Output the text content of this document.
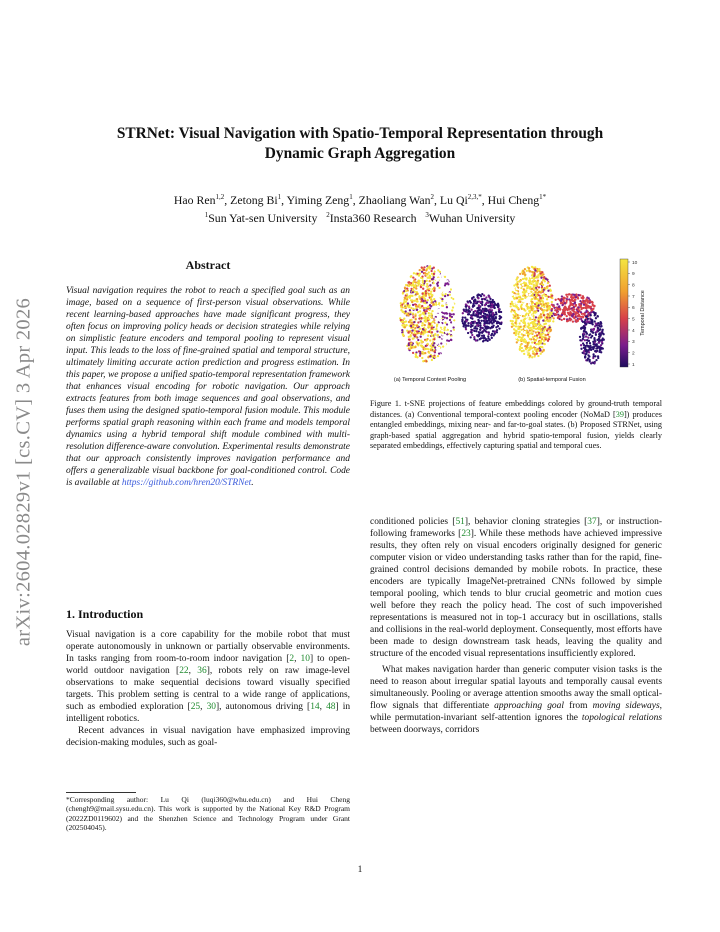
arXiv:2604.02829v1 [cs.CV] 3 Apr 2026
STRNet: Visual Navigation with Spatio-Temporal Representation through
Dynamic Graph Aggregation
Hao Ren$^{1,2}$, Zetong Bi$^1$, Yiming Zeng$^1$, Zhaoliang Wan$^2$, Lu $Qi^{2,3,*}$, Hui Cheng$^{1*}$
$^1$Sun Yat-sen University $^2$Insta360 Research $^3$Wuhan University
Abstract

Visual navigation requires the robot to reach a specified goal such as an image, based on a sequence of first-person visual observations. While recent learning-based approaches have made significant progress, they often focus on improving policy heads or decision strategies while relying on simplistic feature encoders and temporal pooling to represent visual input. This leads to the loss of fine-grained spatial and temporal structure, ultimately limiting accurate action prediction and progress estimation. In this paper, we propose a unified spatio-temporal representation framework that enhances visual encoding for robotic navigation. Our approach extracts features from both image sequences and goal observations, and fuses them using the designed spatio-temporal fusion module. This module performs spatial graph reasoning within each frame and models temporal dynamics using a hybrid temporal shift module combined with multi-resolution difference-aware convolution. Experimental results demonstrate that our approach consistently improves navigation performance and offers a generalizable visual backbone for goal-conditioned control. Code is available at https://github.com/hren20/STRNet.

1. Introduction

Visual navigation is a core capability for the mobile robot that must operate autonomously in unknown or partially observable environments. In tasks ranging from room-to-room indoor navigation [2, 10] to open-world outdoor navigation [22, 36], robots rely on raw image-level observations to make sequential decisions toward visually specified targets. This problem setting is central to a wide range of applications, such as embodied exploration [25, 30], autonomous driving [14, 48] in intelligent robotics.

Recent advances in visual navigation have emphasized improving decision-making modules, such as goal-

*Corresponding author: Lu Qi (luqi360@whu.edu.cn) and Hui Cheng (chengh9@mail.sysu.edu.cn). This work is supported by the National Key R&D Program (2022ZD0119602) and the Shenzhen Science and Technology Program under Grant (202504045).
10
9
8
7
6
5
4
3
2
1
Temporal Distance
(a) Temporal Context Pooling	(b) Spatial-temporal Fusion
Figure 1. t-SNE projections of feature embeddings colored by ground-truth temporal distances. (a) Conventional temporal-context pooling encoder (NoMaD [39]) produces entangled embeddings, mixing near- and far-to-goal states. (b) Proposed STRNet, using graph-based spatial aggregation and hybrid spatio-temporal fusion, yields clearly separated embeddings, effectively capturing spatial and temporal cues.

conditioned policies [51], behavior cloning strategies [37], or instruction-following frameworks [23]. While these methods have achieved impressive results, they often rely on visual encoders originally designed for generic computer vision or video understanding tasks rather than for the rapid, fine-grained control decisions demanded by mobile robots. In practice, these encoders are typically ImageNet-pretrained CNNs followed by simple temporal pooling, which tends to blur crucial geometric and motion cues well before they reach the policy head. The cost of such impoverished representations is measured not in top-1 accuracy but in oscillations, stalls and collisions in the real-world deployment. Consequently, most efforts have been made to design downstream task heads, leaving the quality and structure of the encoded visual representations insufficiently explored.

What makes navigation harder than generic computer vision tasks is the need to reason about irregular spatial layouts and temporally causal events simultaneously. Pooling or average attention smooths away the small optical-flow signals that differentiate approaching goal from moving sideways, while permutation-invariant self-attention ignores the topological relations between doorways, corridors

1
